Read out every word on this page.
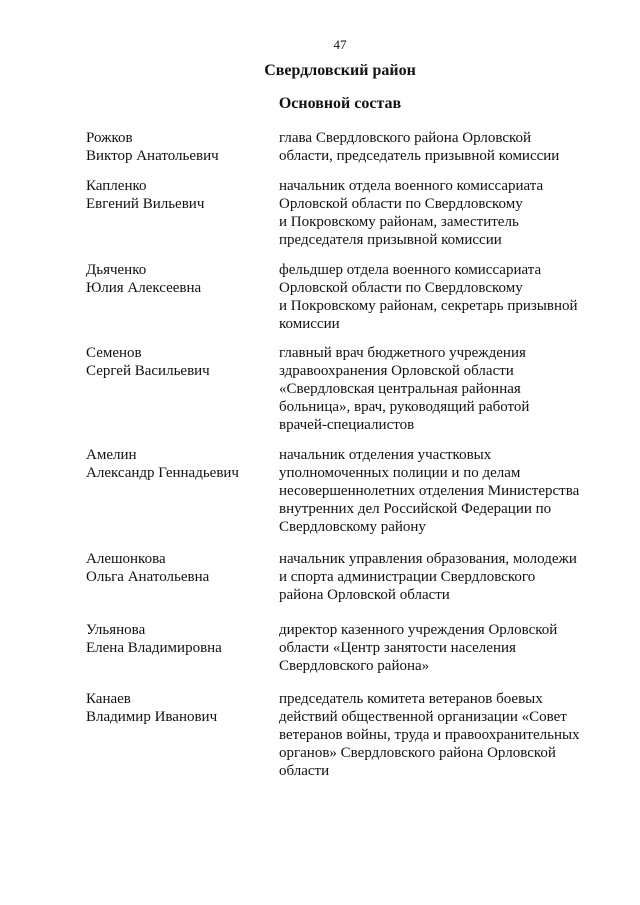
47
Свердловский район
Основной состав
Рожков
Виктор Анатольевич
глава Свердловского района Орловской
области, председатель призывной комиссии
Капленко
Евгений Вильевич
начальник отдела военного комиссариата
Орловской области по Свердловскому
и Покровскому районам, заместитель
председателя призывной комиссии
Дьяченко
Юлия Алексеевна
фельдшер отдела военного комиссариата
Орловской области по Свердловскому
и Покровскому районам, секретарь призывной
комиссии
Семенов
Сергей Васильевич
главный врач бюджетного учреждения
здравоохранения Орловской области
«Свердловская центральная районная
больница», врач, руководящий работой
врачей-специалистов
Амелин
Александр Геннадьевич
начальник отделения участковых
уполномоченных полиции и по делам
несовершеннолетних отделения Министерства
внутренних дел Российской Федерации по
Свердловскому району
Алешонкова
Ольга Анатольевна
начальник управления образования, молодежи
и спорта администрации Свердловского
района Орловской области
Ульянова
Елена Владимировна
директор казенного учреждения Орловской
области «Центр занятости населения
Свердловского района»
Канаев
Владимир Иванович
председатель комитета ветеранов боевых
действий общественной организации «Совет
ветеранов войны, труда и правоохранительных
органов» Свердловского района Орловской
области
